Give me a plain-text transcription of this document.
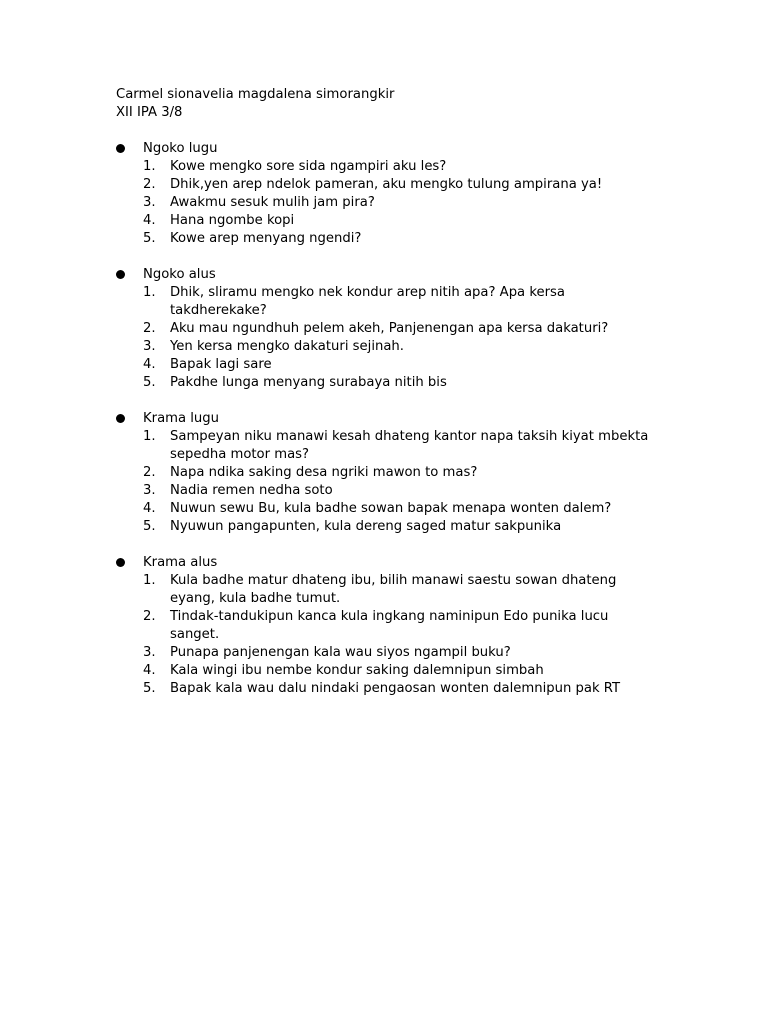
Carmel sionavelia magdalena simorangkir
XII IPA 3/8
Ngoko lugu
1. Kowe mengko sore sida ngampiri aku les?
2. Dhik,yen arep ndelok pameran, aku mengko tulung ampirana ya!
3. Awakmu sesuk mulih jam pira?
4. Hana ngombe kopi
5. Kowe arep menyang ngendi?
Ngoko alus
1. Dhik, sliramu mengko nek kondur arep nitih apa? Apa kersa takdherekake?
2. Aku mau ngundhuh pelem akeh, Panjenengan apa kersa dakaturi?
3. Yen kersa mengko dakaturi sejinah.
4. Bapak lagi sare
5. Pakdhe lunga menyang surabaya nitih bis
Krama lugu
1. Sampeyan niku manawi kesah dhateng kantor napa taksih kiyat mbekta sepedha motor mas?
2. Napa ndika saking desa ngriki mawon to mas?
3. Nadia remen nedha soto
4. Nuwun sewu Bu, kula badhe sowan bapak menapa wonten dalem?
5. Nyuwun pangapunten, kula dereng saged matur sakpunika
Krama alus
1. Kula badhe matur dhateng ibu, bilih manawi saestu sowan dhateng eyang, kula badhe tumut.
2. Tindak-tandukipun kanca kula ingkang naminipun Edo punika lucu sanget.
3. Punapa panjenengan kala wau siyos ngampil buku?
4. Kala wingi ibu nembe kondur saking dalemnipun simbah
5. Bapak kala wau dalu nindaki pengaosan wonten dalemnipun pak RT
